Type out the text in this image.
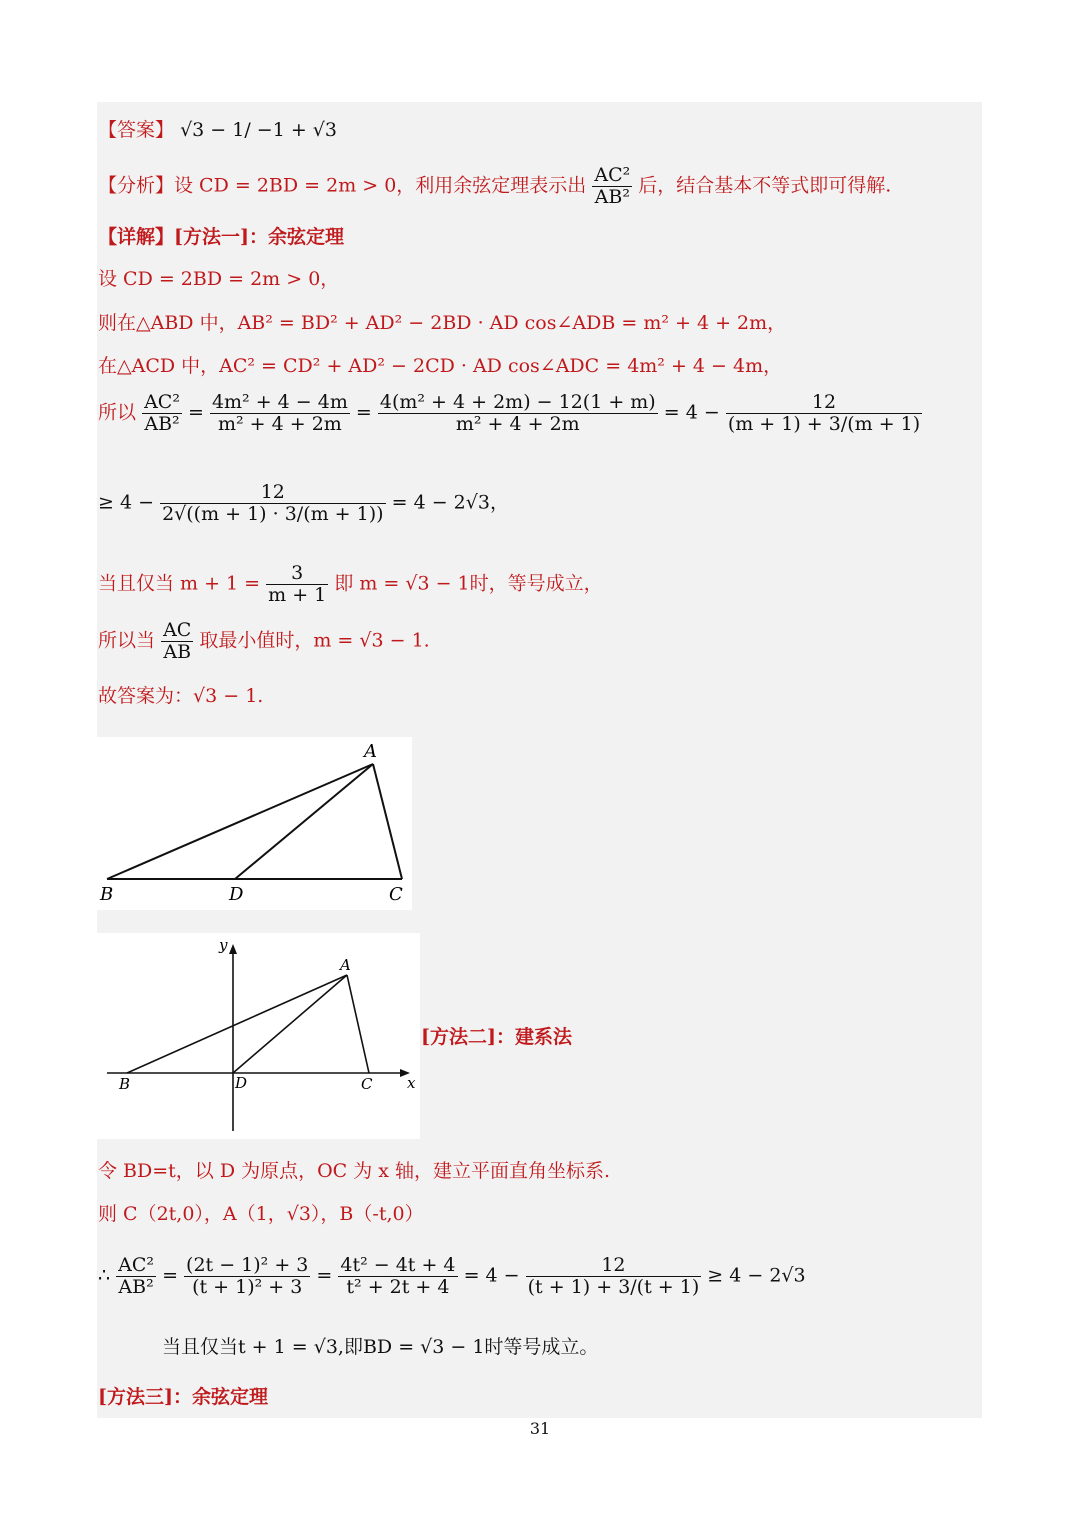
【答案】 √3 − 1/ −1 + √3
【分析】设 CD = 2BD = 2m > 0，利用余弦定理表示出 $\frac{\text{AC²}}{\text{AB²}}$ 后，结合基本不等式即可得解.
【详解】[方法一]：余弦定理
设 CD = 2BD = 2m > 0，
则在△ABD 中，AB² = BD² + AD² − 2BD · AD cos∠ADB = m² + 4 + 2m，
在△ACD 中，AC² = CD² + AD² − 2CD · AD cos∠ADC = 4m² + 4 − 4m，
所以 $\frac{\text{AC²}}{\text{AB²}} = \frac{\text{4m² + 4 − 4m}}{\text{m² + 4 + 2m}} = \frac{\text{4(m² + 4 + 2m) − 12(1 + m)}}{\text{m² + 4 + 2m}} = 4 - \frac{12}{(m + 1) + 3/(m + 1)}$
≥ $4 - \frac{12}{2√((m + 1) \cdot 3/(m + 1))} = 4 - 2√3$，
当且仅当 $m + 1 = \frac{3}{m + 1}$ 即 m = √3 − 1时，等号成立，
所以当 $\frac{AC}{AB}$ 取最小值时，m = √3 − 1.
故答案为：√3 − 1.
A
B	D	C
A
B	D	C x
y
[方法二]：建系法
令 BD=t，以 D 为原点，OC 为 x 轴，建立平面直角坐标系.
则 C（2t,0），A（1，√3），B（-t,0）
∴ $\frac{\text{AC²}}{\text{AB²}} = \frac{\text{(2t − 1)² + 3}}{\text{(t + 1)² + 3}} = \frac{\text{4t² − 4t + 4}}{\text{t² + 2t + 4}} = 4 - \frac{12}{(t + 1) + 3/(t + 1)} \ge 4 - 2√3$
当且仅当t + 1 = √3,即BD = √3 − 1时等号成立。
[方法三]：余弦定理
31
